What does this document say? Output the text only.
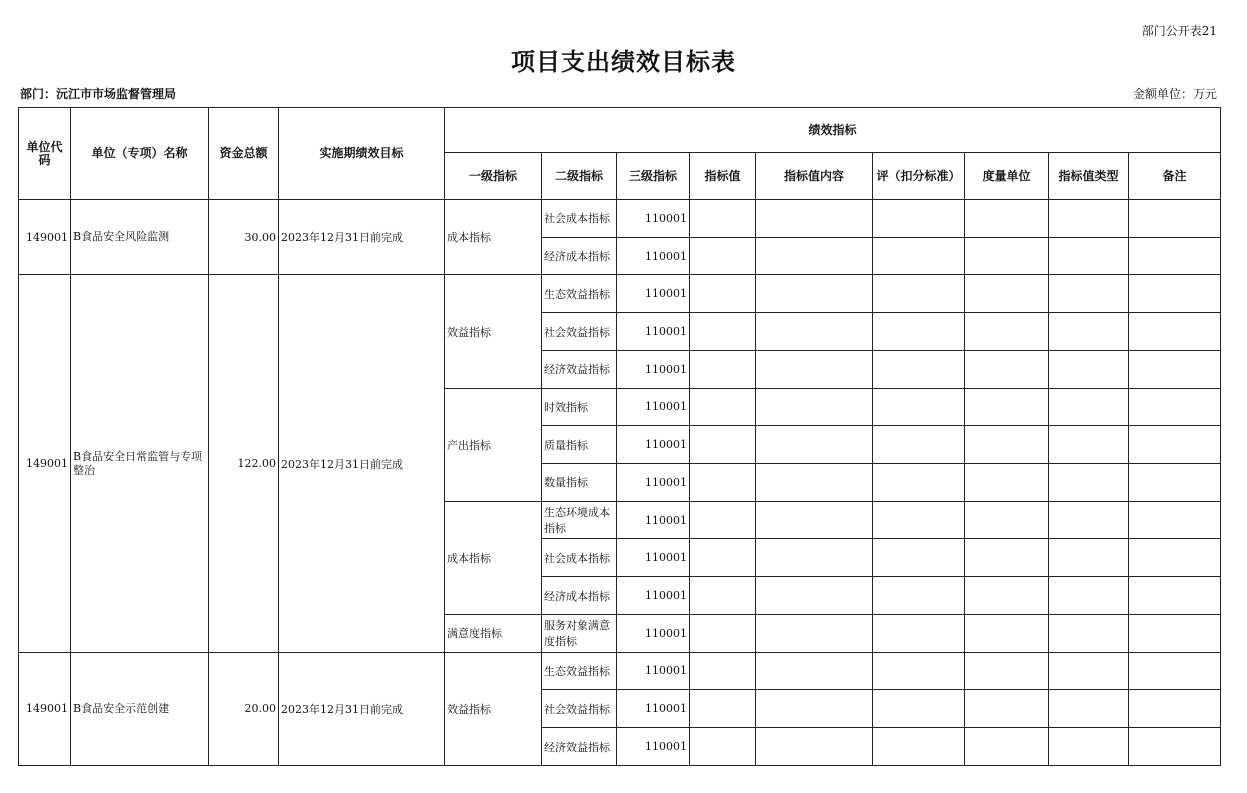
部门公开表21
项目支出绩效目标表
部门：沅江市市场监督管理局	金额单位：万元
单位代码	单位（专项）名称	资金总额	实施期绩效目标	绩效指标								
				一级指标	二级指标	三级指标	指标值	指标值内容	评（扣分标准）	度量单位	指标值类型	备注
149001	B食品安全风险监测	30.00	2023年12月31日前完成	成本指标	社会成本指标	110001						
					经济成本指标	110001						
149001	B食品安全日常监管与专项整治	122.00	2023年12月31日前完成	效益指标	生态效益指标	110001						
					社会效益指标	110001						
					经济效益指标	110001						
				产出指标	时效指标	110001						
					质量指标	110001						
					数量指标	110001						
				成本指标	生态环境成本指标	110001						
					社会成本指标	110001						
					经济成本指标	110001						
				满意度指标	服务对象满意度指标	110001						
149001	B食品安全示范创建	20.00	2023年12月31日前完成	效益指标	生态效益指标	110001						
					社会效益指标	110001						
					经济效益指标	110001						
